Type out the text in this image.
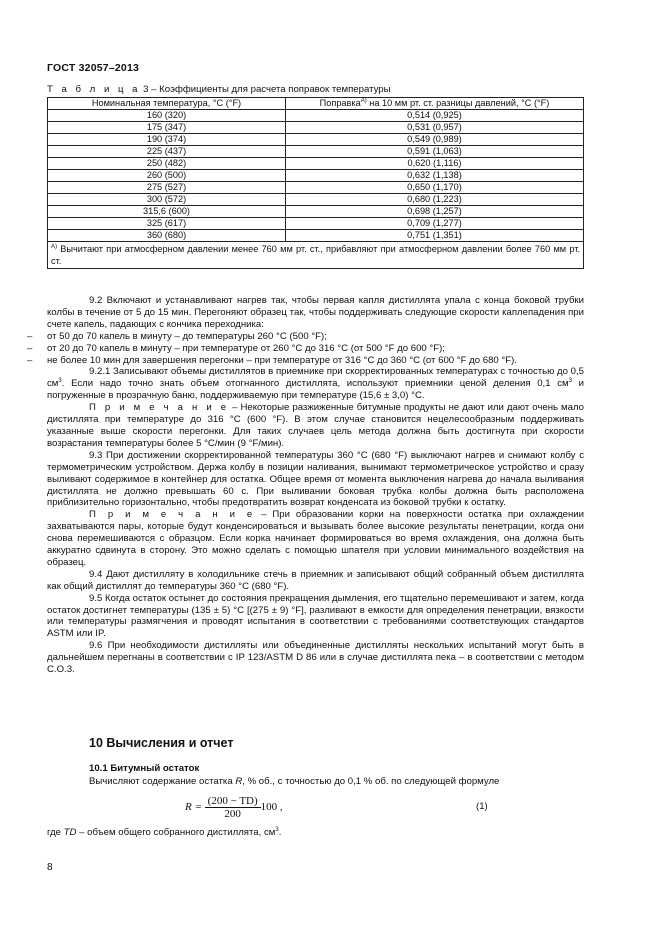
ГОСТ 32057–2013
Т а б л и ц а 3 – Коэффициенты для расчета поправок температуры
Номинальная температура, °С (°F)	Поправка$^{А)}$ на 10 мм рт. ст. разницы давлений, °С (°F)
160 (320)	0,514 (0,925)
175 (347)	0,531 (0,957)
190 (374)	0,549 (0,989)
225 (437)	0,591 (1,063)
250 (482)	0,620 (1,116)
260 (500)	0,632 (1,138)
275 (527)	0,650 (1,170)
300 (572)	0,680 (1,223)
315,6 (600)	0,698 (1,257)
325 (617)	0,709 (1,277)
360 (680)	0,751 (1,351)
$^{А)}$ Вычитают при атмосферном давлении менее 760 мм рт. ст., прибавляют при атмосферном давлении более 760 мм рт. ст.	

9.2 Включают и устанавливают нагрев так, чтобы первая капля дистиллята упала с конца боковой трубки колбы в течение от 5 до 15 мин. Перегоняют образец так, чтобы поддерживать следующие скорости каплепадения при счете капель, падающих с кончика переходника:

– от 50 до 70 капель в минуту – до температуры 260 °С (500 °F);

– от 20 до 70 капель в минуту – при температуре от 260 °С до 316 °С (от 500 °F до 600 °F);

– не более 10 мин для завершения перегонки – при температуре от 316 °С до 360 °С (от 600 °F до 680 °F).

9.2.1 Записывают объемы дистиллятов в приемнике при скорректированных температурах с точностью до 0,5 $см^3$. Если надо точно знать объем отогнанного дистиллята, используют приемники ценой деления 0,1 $см^3$ и погруженные в прозрачную баню, поддерживаемую при температуре (15,6 ± 3,0) °С.

П р и м е ч а н и е – Некоторые разжиженные битумные продукты не дают или дают очень мало дистиллята при температуре до 316 °С (600 °F). В этом случае становится нецелесообразным поддерживать указанные выше скорости перегонки. Для таких случаев цель метода должна быть достигнута при скорости возрастания температуры более 5 °С/мин (9 °F/мин).

9.3 При достижении скорректированной температуры 360 °С (680 °F) выключают нагрев и снимают колбу с термометрическим устройством. Держа колбу в позиции наливания, вынимают термометрическое устройство и сразу выливают содержимое в контейнер для остатка. Общее время от момента выключения нагрева до начала выливания дистиллята не должно превышать 60 с. При выливании боковая трубка колбы должна быть расположена приблизительно горизонтально, чтобы предотвратить возврат конденсата из боковой трубки к остатку.

П р и м е ч а н и е – При образовании корки на поверхности остатка при охлаждении захватываются пары, которые будут конденсироваться и вызывать более высокие результаты пенетрации, когда они снова перемешиваются с образцом. Если корка начинает формироваться во время охлаждения, она должна быть аккуратно сдвинута в сторону. Это можно сделать с помощью шпателя при условии минимального воздействия на образец.

9.4 Дают дистилляту в холодильнике стечь в приемник и записывают общий собранный объем дистиллята как общий дистиллят до температуры 360 °С (680 °F).

9.5 Когда остаток остынет до состояния прекращения дымления, его тщательно перемешивают и затем, когда остаток достигнет температуры (135 ± 5) °С [(275 ± 9) °F], разливают в емкости для определения пенетрации, вязкости или температуры размягчения и проводят испытания в соответствии с требованиями соответствующих стандартов ASTM или IP.

9.6 При необходимости дистилляты или объединенные дистилляты нескольких испытаний могут быть в дальнейшем перегнаны в соответствии с IP 123/ASTM D 86 или в случае дистиллята пека – в соответствии с методом С.О.3.

10 Вычисления и отчет
10.1 Битумный остаток
Вычисляют содержание остатка R, % об., с точностью до 0,1 % об. по следующей формуле
$R = \frac{(200 - TD)}{200} 100$ ,	(1)
где TD – объем общего собранного дистиллята, $см^3$.
8
